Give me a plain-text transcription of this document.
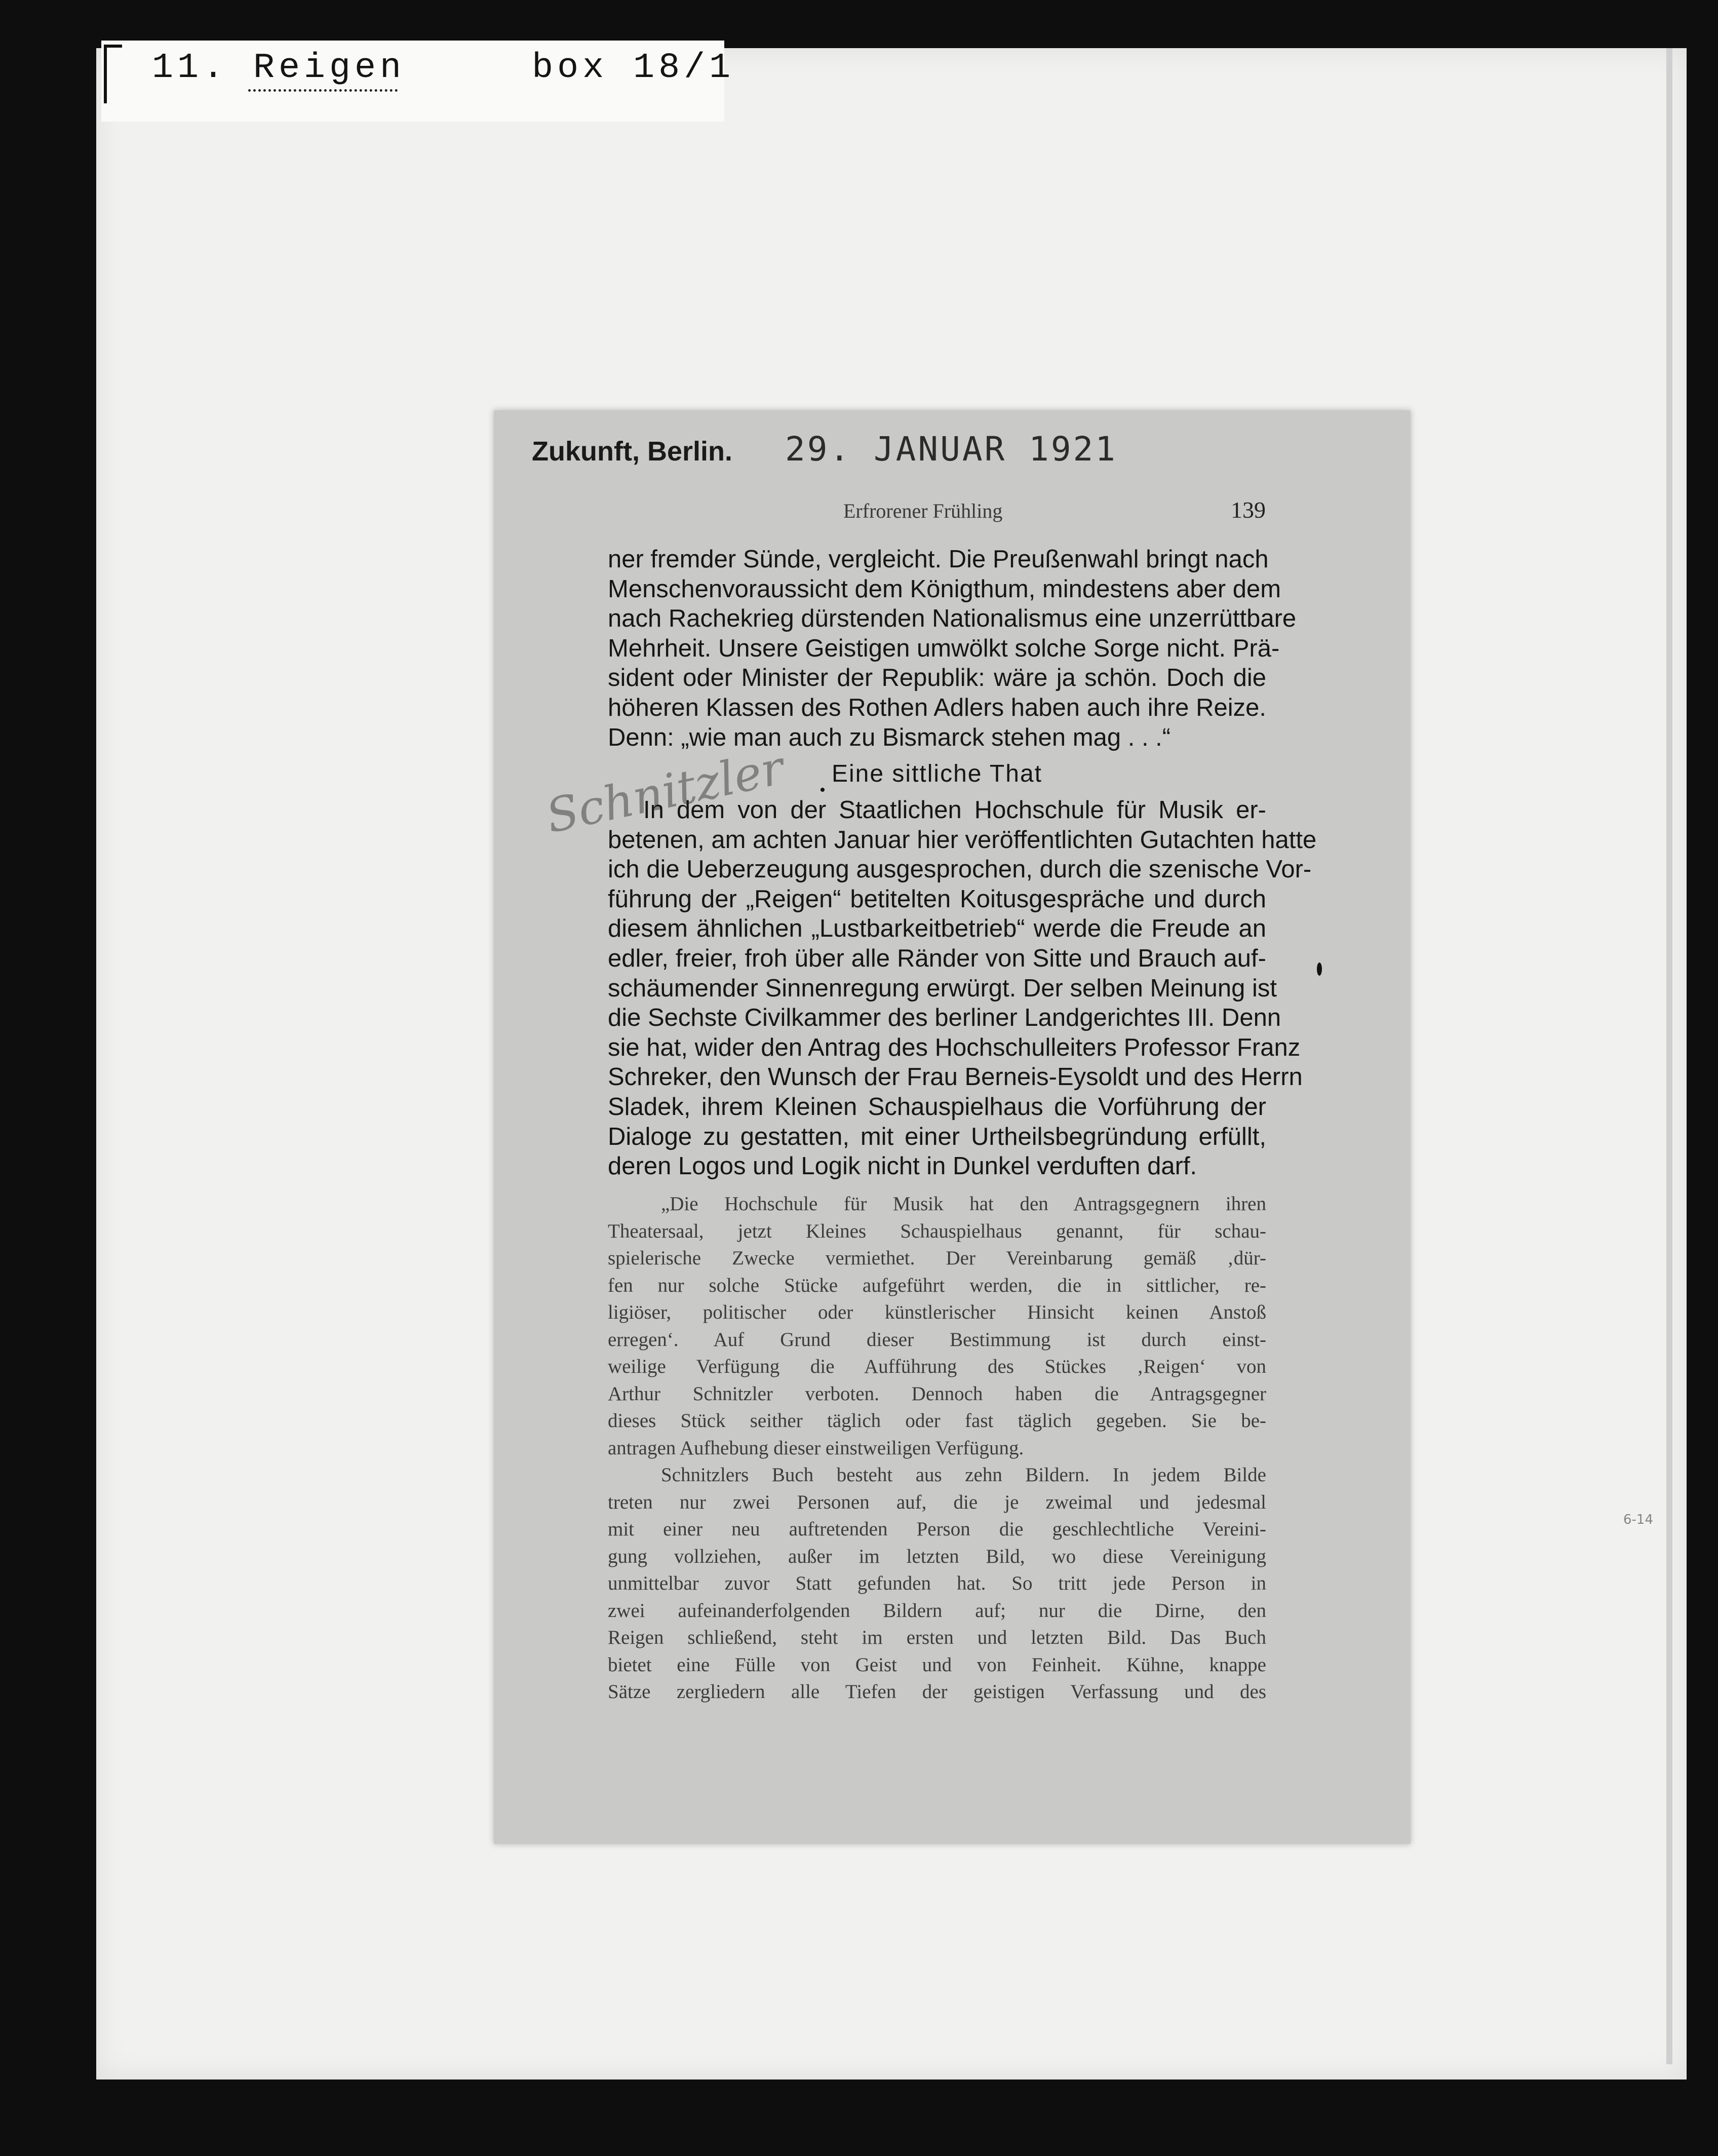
11. Reigen     box 18/1
Zukunft, Berlin. 29. JANUAR 1921
Erfrorener Frühling	139
ner fremder Sünde, vergleicht. Die Preußenwahl bringt nach
Menschenvoraussicht dem Königthum, mindestens aber dem
nach Rachekrieg dürstenden Nationalismus eine unzerrüttbare
Mehrheit. Unsere Geistigen umwölkt solche Sorge nicht. Prä-
sident oder Minister der Republik: wäre ja schön. Doch die
höheren Klassen des Rothen Adlers haben auch ihre Reize.
Denn: „wie man auch zu Bismarck stehen mag . . .“
Eine sittliche That
Schnitzler
In dem von der Staatlichen Hochschule für Musik er-
betenen, am achten Januar hier veröffentlichten Gutachten hatte
ich die Ueberzeugung ausgesprochen, durch die szenische Vor-
führung der „Reigen“ betitelten Koitusgespräche und durch
diesem ähnlichen „Lustbarkeitbetrieb“ werde die Freude an
edler, freier, froh über alle Ränder von Sitte und Brauch auf-
schäumender Sinnenregung erwürgt. Der selben Meinung ist
die Sechste Civilkammer des berliner Landgerichtes III. Denn
sie hat, wider den Antrag des Hochschulleiters Professor Franz
Schreker, den Wunsch der Frau Berneis-Eysoldt und des Herrn
Sladek, ihrem Kleinen Schauspielhaus die Vorführung der
Dialoge zu gestatten, mit einer Urtheilsbegründung erfüllt,
deren Logos und Logik nicht in Dunkel verduften darf.
„Die Hochschule für Musik hat den Antragsgegnern ihren
Theatersaal, jetzt Kleines Schauspielhaus genannt, für schau-
spielerische Zwecke vermiethet. Der Vereinbarung gemäß ‚dür-
fen nur solche Stücke aufgeführt werden, die in sittlicher, re-
ligiöser, politischer oder künstlerischer Hinsicht keinen Anstoß
erregen‘. Auf Grund dieser Bestimmung ist durch einst-
weilige Verfügung die Aufführung des Stückes ‚Reigen‘ von
Arthur Schnitzler verboten. Dennoch haben die Antragsgegner
dieses Stück seither täglich oder fast täglich gegeben. Sie be-
antragen Aufhebung dieser einstweiligen Verfügung.
Schnitzlers Buch besteht aus zehn Bildern. In jedem Bilde
treten nur zwei Personen auf, die je zweimal und jedesmal
mit einer neu auftretenden Person die geschlechtliche Vereini-
gung vollziehen, außer im letzten Bild, wo diese Vereinigung
unmittelbar zuvor Statt gefunden hat. So tritt jede Person in
zwei aufeinanderfolgenden Bildern auf; nur die Dirne, den
Reigen schließend, steht im ersten und letzten Bild. Das Buch
bietet eine Fülle von Geist und von Feinheit. Kühne, knappe
Sätze zergliedern alle Tiefen der geistigen Verfassung und des
6-14
